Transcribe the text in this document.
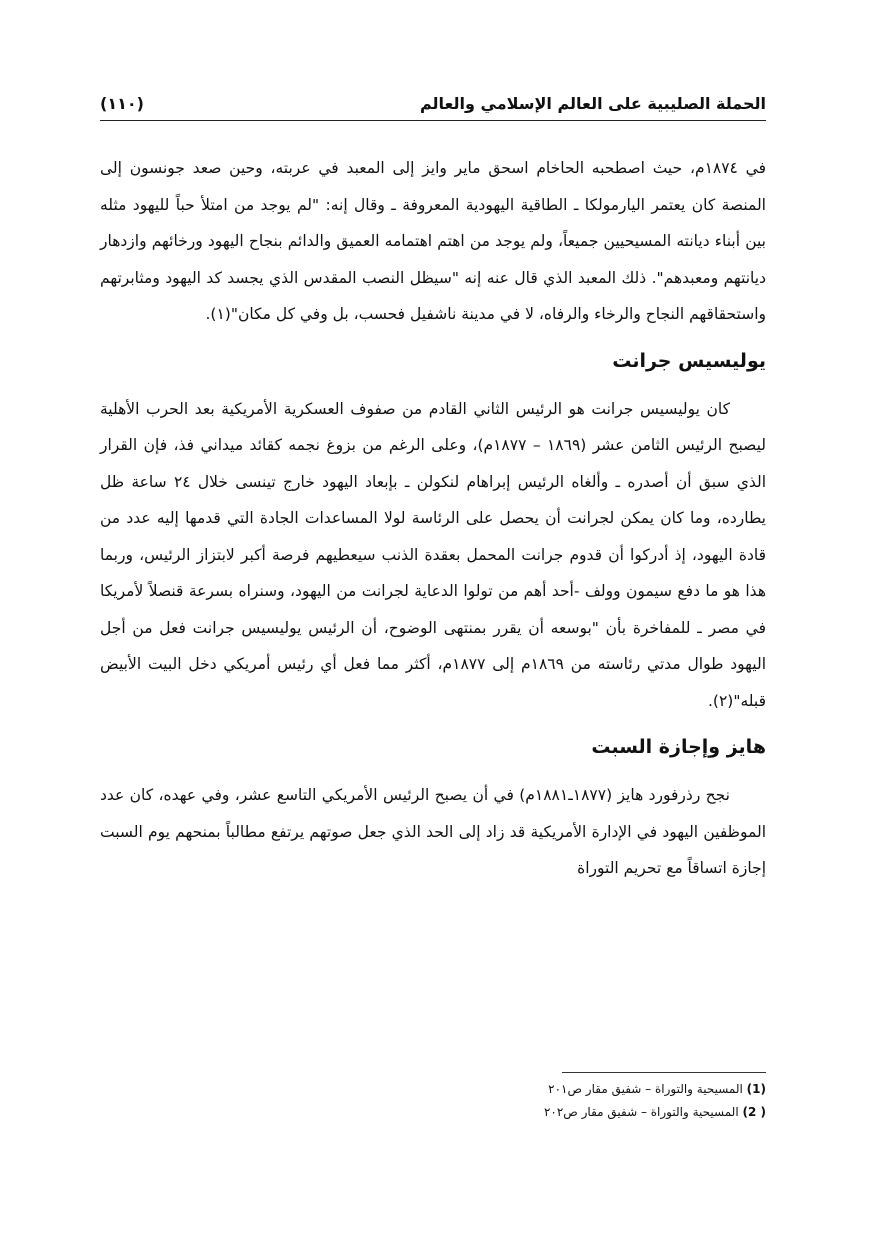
الحملة الصليبية على العالم الإسلامي والعالم
(١١٠)

في ١٨٧٤م، حيث اصطحبه الحاخام اسحق ماير وايز إلى المعبد في عربته، وحين صعد جونسون إلى المنصة كان يعتمر اليارمولكا ـ الطاقية اليهودية المعروفة ـ وقال إنه: "لم يوجد من امتلأ حباً لليهود مثله بين أبناء ديانته المسيحيين جميعاً، ولم يوجد من اهتم اهتمامه العميق والدائم بنجاح اليهود ورخائهم وازدهار ديانتهم ومعبدهم". ذلك المعبد الذي قال عنه إنه "سيظل النصب المقدس الذي يجسد كد اليهود ومثابرتهم واستحقاقهم النجاح والرخاء والرفاه، لا في مدينة ناشفيل فحسب، بل وفي كل مكان"(١).

يوليسيس جرانت

كان يوليسيس جرانت هو الرئيس الثاني القادم من صفوف العسكرية الأمريكية بعد الحرب الأهلية ليصبح الرئيس الثامن عشر (١٨٦٩ – ١٨٧٧م)، وعلى الرغم من بزوغ نجمه كقائد ميداني فذ، فإن القرار الذي سبق أن أصدره ـ وألغاه الرئيس إبراهام لنكولن ـ بإبعاد اليهود خارج تينسى خلال ٢٤ ساعة ظل يطارده، وما كان يمكن لجرانت أن يحصل على الرئاسة لولا المساعدات الجادة التي قدمها إليه عدد من قادة اليهود، إذ أدركوا أن قدوم جرانت المحمل بعقدة الذنب سيعطيهم فرصة أكبر لابتزاز الرئيس، وربما هذا هو ما دفع سيمون وولف -أحد أهم من تولوا الدعاية لجرانت من اليهود، وسنراه بسرعة قنصلاً لأمريكا في مصر ـ للمفاخرة بأن "بوسعه أن يقرر بمنتهى الوضوح، أن الرئيس يوليسيس جرانت فعل من أجل اليهود طوال مدتي رئاسته من ١٨٦٩م إلى ١٨٧٧م، أكثر مما فعل أي رئيس أمريكي دخل البيت الأبيض قبله"(٢).

هايز وإجازة السبت

نجح رذرفورد هايز (١٨٧٧ـ١٨٨١م) في أن يصبح الرئيس الأمريكي التاسع عشر، وفي عهده، كان عدد الموظفين اليهود في الإدارة الأمريكية قد زاد إلى الحد الذي جعل صوتهم يرتفع مطالباً بمنحهم يوم السبت إجازة اتساقاً مع تحريم التوراة

(1) المسيحية والتوراة – شفيق مقار ص٢٠١
( 2) المسيحية والتوراة – شفيق مقار ص٢٠٢
